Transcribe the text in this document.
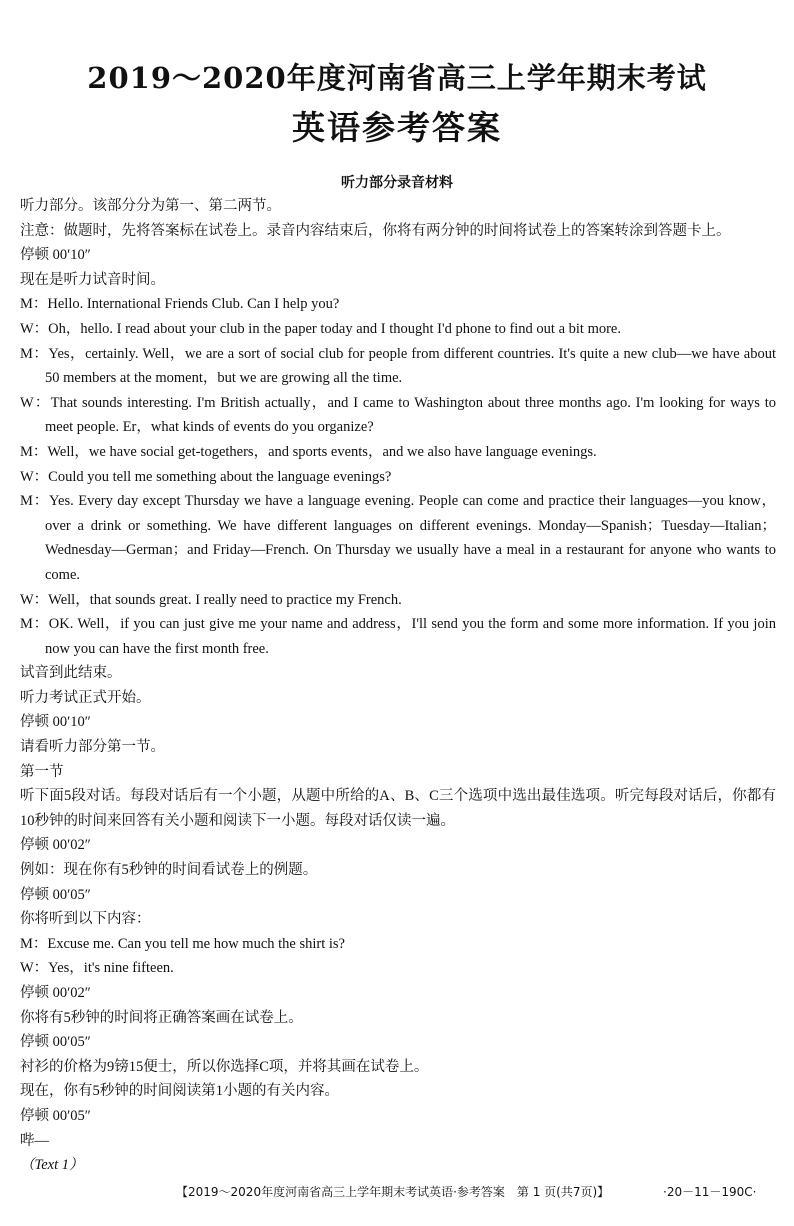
2019～2020年度河南省高三上学年期末考试
英语参考答案
听力部分录音材料
听力部分。该部分分为第一、第二两节。
注意：做题时，先将答案标在试卷上。录音内容结束后，你将有两分钟的时间将试卷上的答案转涂到答题卡上。
停顿 00′10″
现在是听力试音时间。
M：Hello. International Friends Club. Can I help you?
W：Oh，hello. I read about your club in the paper today and I thought I'd phone to find out a bit more.
M：Yes，certainly. Well，we are a sort of social club for people from different countries. It's quite a new club—we have about 50 members at the moment，but we are growing all the time.
W：That sounds interesting. I'm British actually，and I came to Washington about three months ago. I'm looking for ways to meet people. Er，what kinds of events do you organize?
M：Well，we have social get-togethers，and sports events，and we also have language evenings.
W：Could you tell me something about the language evenings?
M：Yes. Every day except Thursday we have a language evening. People can come and practice their languages—you know，over a drink or something. We have different languages on different evenings. Monday—Spanish；Tuesday—Italian；Wednesday—German；and Friday—French. On Thursday we usually have a meal in a restaurant for anyone who wants to come.
W：Well，that sounds great. I really need to practice my French.
M：OK. Well，if you can just give me your name and address，I'll send you the form and some more information. If you join now you can have the first month free.
试音到此结束。
听力考试正式开始。
停顿 00′10″
请看听力部分第一节。
第一节
听下面5段对话。每段对话后有一个小题，从题中所给的A、B、C三个选项中选出最佳选项。听完每段对话后，你都有10秒钟的时间来回答有关小题和阅读下一小题。每段对话仅读一遍。
停顿 00′02″
例如：现在你有5秒钟的时间看试卷上的例题。
停顿 00′05″
你将听到以下内容：
M：Excuse me. Can you tell me how much the shirt is?
W：Yes，it's nine fifteen.
停顿 00′02″
你将有5秒钟的时间将正确答案画在试卷上。
停顿 00′05″
衬衫的价格为9镑15便士，所以你选择C项，并将其画在试卷上。
现在，你有5秒钟的时间阅读第1小题的有关内容。
停顿 00′05″
哔—
（Text 1）
【2019～2020年度河南省高三上学年期末考试英语·参考答案　第 1 页(共7页)】	·20－11－190C·
